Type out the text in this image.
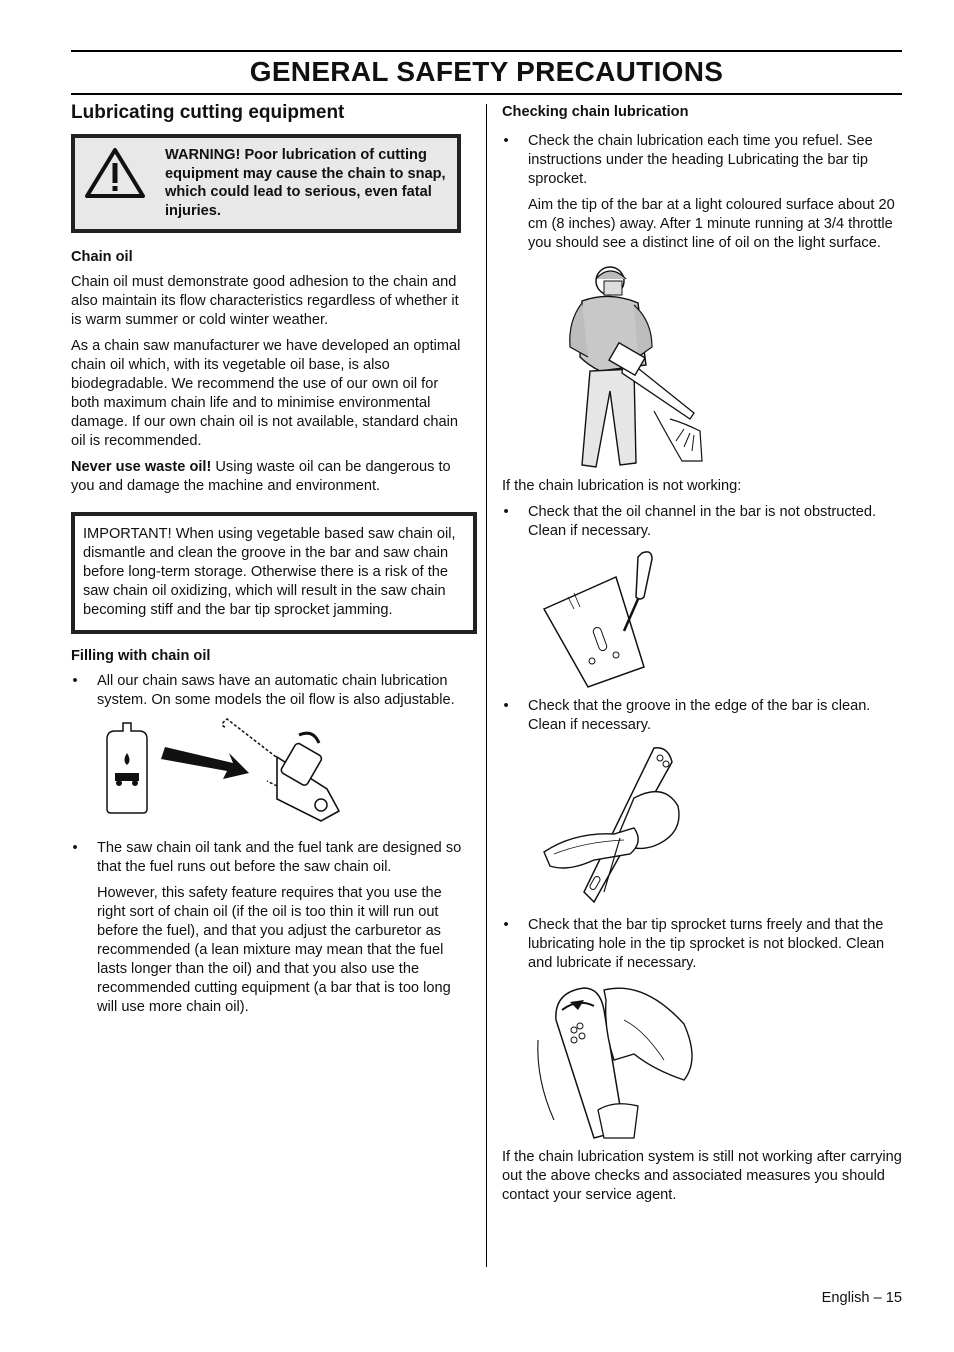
GENERAL SAFETY PRECAUTIONS
Lubricating cutting equipment
WARNING! Poor lubrication of cutting equipment may cause the chain to snap, which could lead to serious, even fatal injuries.
Chain oil

Chain oil must demonstrate good adhesion to the chain and also maintain its flow characteristics regardless of whether it is warm summer or cold winter weather.

As a chain saw manufacturer we have developed an optimal chain oil which, with its vegetable oil base, is also biodegradable. We recommend the use of our own oil for both maximum chain life and to minimise environmental damage. If our own chain oil is not available, standard chain oil is recommended.

Never use waste oil! Using waste oil can be dangerous to you and damage the machine and environment.

IMPORTANT! When using vegetable based saw chain oil, dismantle and clean the groove in the bar and saw chain before long-term storage. Otherwise there is a risk of the saw chain oil oxidizing, which will result in the saw chain becoming stiff and the bar tip sprocket jamming.
Filling with chain oil
• All our chain saws have an automatic chain lubrication system. On some models the oil flow is also adjustable.
• The saw chain oil tank and the fuel tank are designed so that the fuel runs out before the saw chain oil.

However, this safety feature requires that you use the right sort of chain oil (if the oil is too thin it will run out before the fuel), and that you adjust the carburetor as recommended (a lean mixture may mean that the fuel lasts longer than the oil) and that you also use the recommended cutting equipment (a bar that is too long will use more chain oil).

Checking chain lubrication
• Check the chain lubrication each time you refuel. See instructions under the heading Lubricating the bar tip sprocket.

Aim the tip of the bar at a light coloured surface about 20 cm (8 inches) away. After 1 minute running at 3/4 throttle you should see a distinct line of oil on the light surface.

If the chain lubrication is not working:

• Check that the oil channel in the bar is not obstructed. Clean if necessary.
• Check that the groove in the edge of the bar is clean. Clean if necessary.
• Check that the bar tip sprocket turns freely and that the lubricating hole in the tip sprocket is not blocked. Clean and lubricate if necessary.

If the chain lubrication system is still not working after carrying out the above checks and associated measures you should contact your service agent.

English – 15
